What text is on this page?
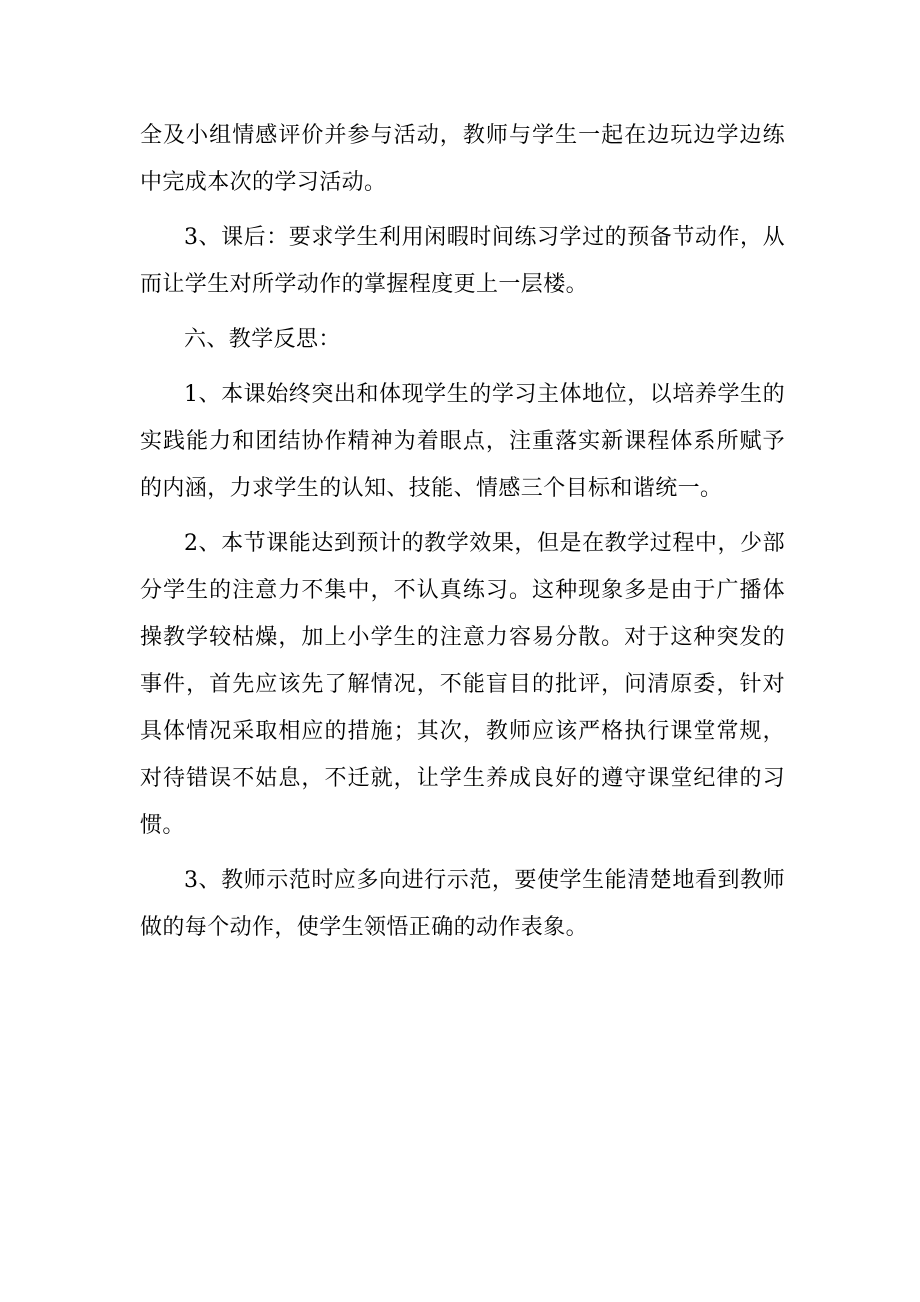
全及小组情感评价并参与活动，教师与学生一起在边玩边学边练中完成本次的学习活动。

3、课后：要求学生利用闲暇时间练习学过的预备节动作，从而让学生对所学动作的掌握程度更上一层楼。

六、教学反思：

1、本课始终突出和体现学生的学习主体地位，以培养学生的实践能力和团结协作精神为着眼点，注重落实新课程体系所赋予的内涵，力求学生的认知、技能、情感三个目标和谐统一。

2、本节课能达到预计的教学效果，但是在教学过程中，少部分学生的注意力不集中，不认真练习。这种现象多是由于广播体操教学较枯燥，加上小学生的注意力容易分散。对于这种突发的事件，首先应该先了解情况，不能盲目的批评，问清原委，针对具体情况采取相应的措施；其次，教师应该严格执行课堂常规，对待错误不姑息，不迁就，让学生养成良好的遵守课堂纪律的习惯。

3、教师示范时应多向进行示范，要使学生能清楚地看到教师做的每个动作，使学生领悟正确的动作表象。
